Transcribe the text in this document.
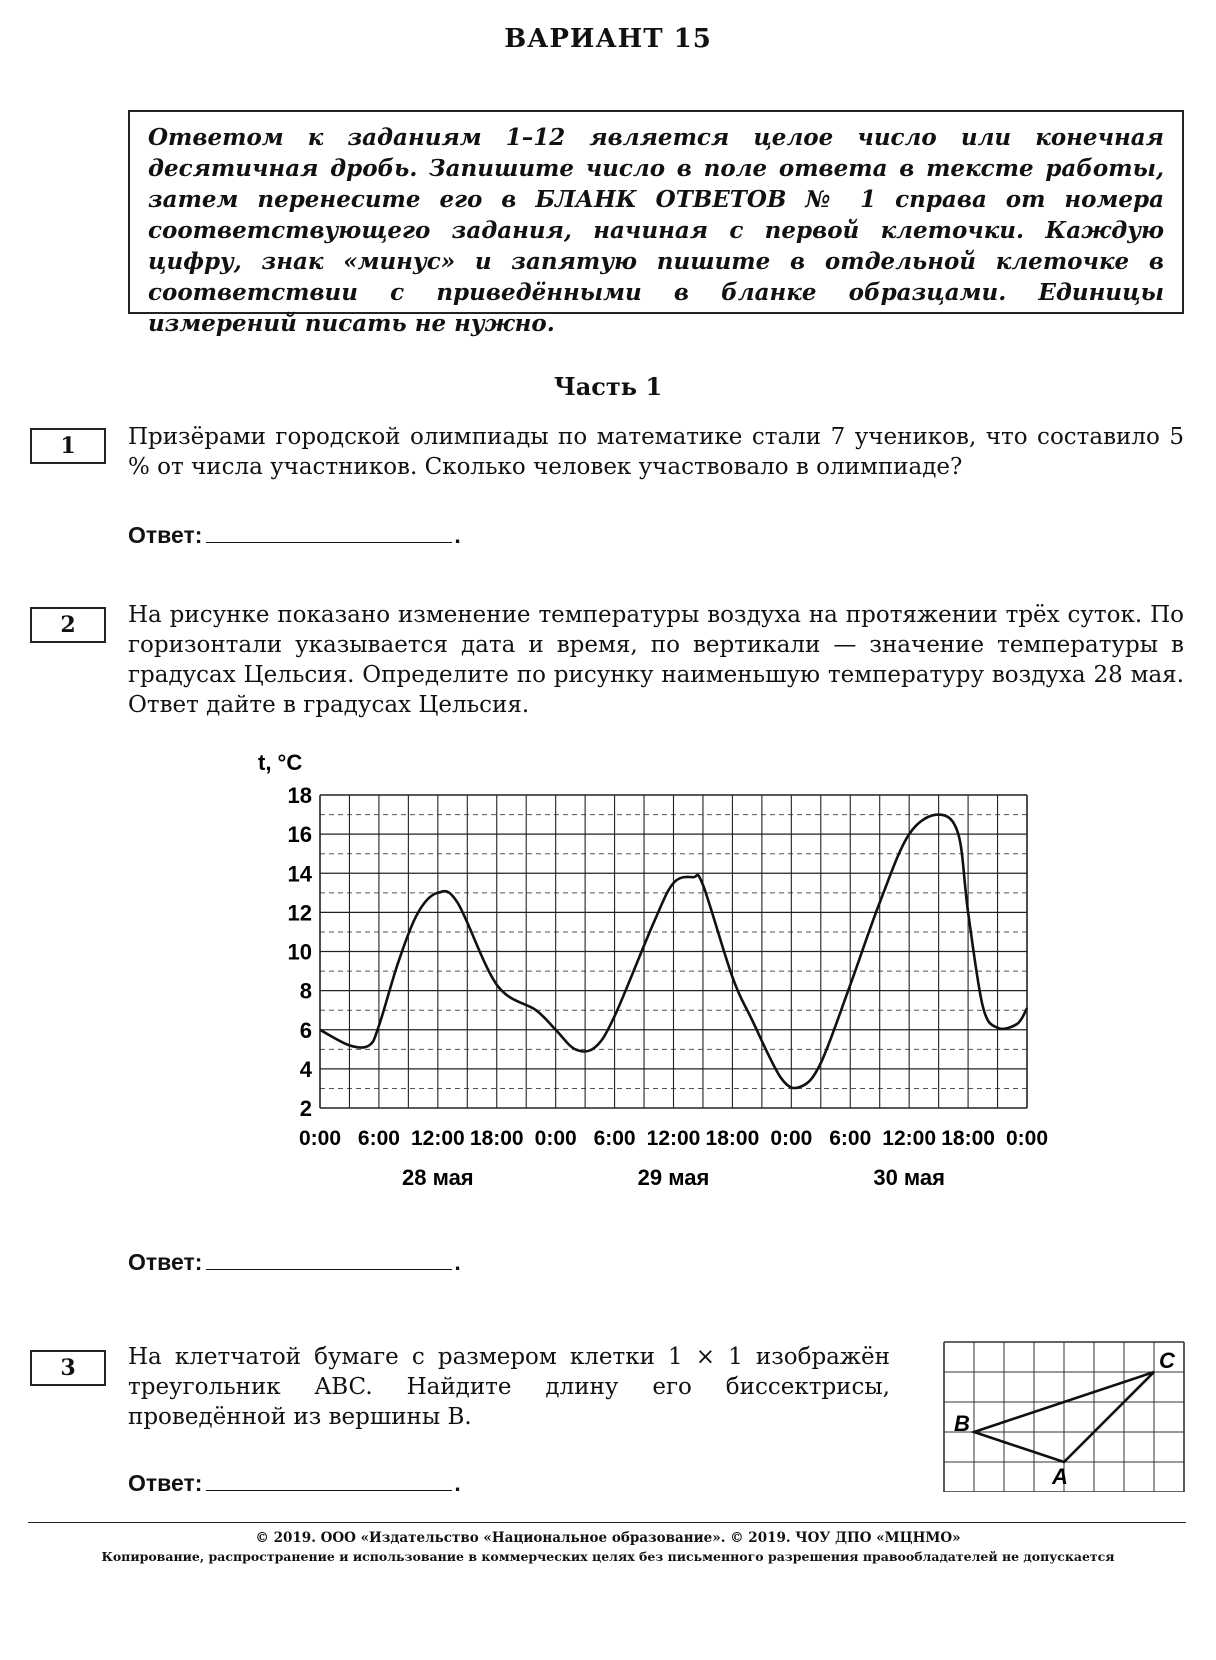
ВАРИАНТ 15
Ответом к заданиям 1–12 является целое число или конечная десятичная дробь. Запишите число в поле ответа в тексте работы, затем перенесите его в БЛАНК ОТВЕТОВ № 1 справа от номера соответствующего задания, начиная с первой клеточки. Каждую цифру, знак «минус» и запятую пишите в отдельной клеточке в соответствии с приведёнными в бланке образцами. Единицы измерений писать не нужно.
Часть 1
1	Призёрами городской олимпиады по математике стали 7 учеников, что составило 5 % от числа участников. Сколько человек участвовало в олимпиаде?
Ответ:	.
2	На рисунке показано изменение температуры воздуха на протяжении трёх суток. По горизонтали указывается дата и время, по вертикали — значение температуры в градусах Цельсия. Определите по рисунку наименьшую температуру воздуха 28 мая. Ответ дайте в градусах Цельсия.
2
4
6
8
10
12
14
16
18
0:00 6:00 12:00 18:00 0:00 6:00 12:00 18:00 0:00 6:00 12:00 18:00 0:00
28 мая	29 мая	30 мая
t, °C
Ответ:	.
3	На клетчатой бумаге с размером клетки 1 × 1 изображён треугольник ABC. Найдите длину его биссектрисы, проведённой из вершины B.
A
B
C
Ответ:	.
© 2019. ООО «Издательство «Национальное образование». © 2019. ЧОУ ДПО «МЦНМО»
Копирование, распространение и использование в коммерческих целях без письменного разрешения правообладателей не допускается
